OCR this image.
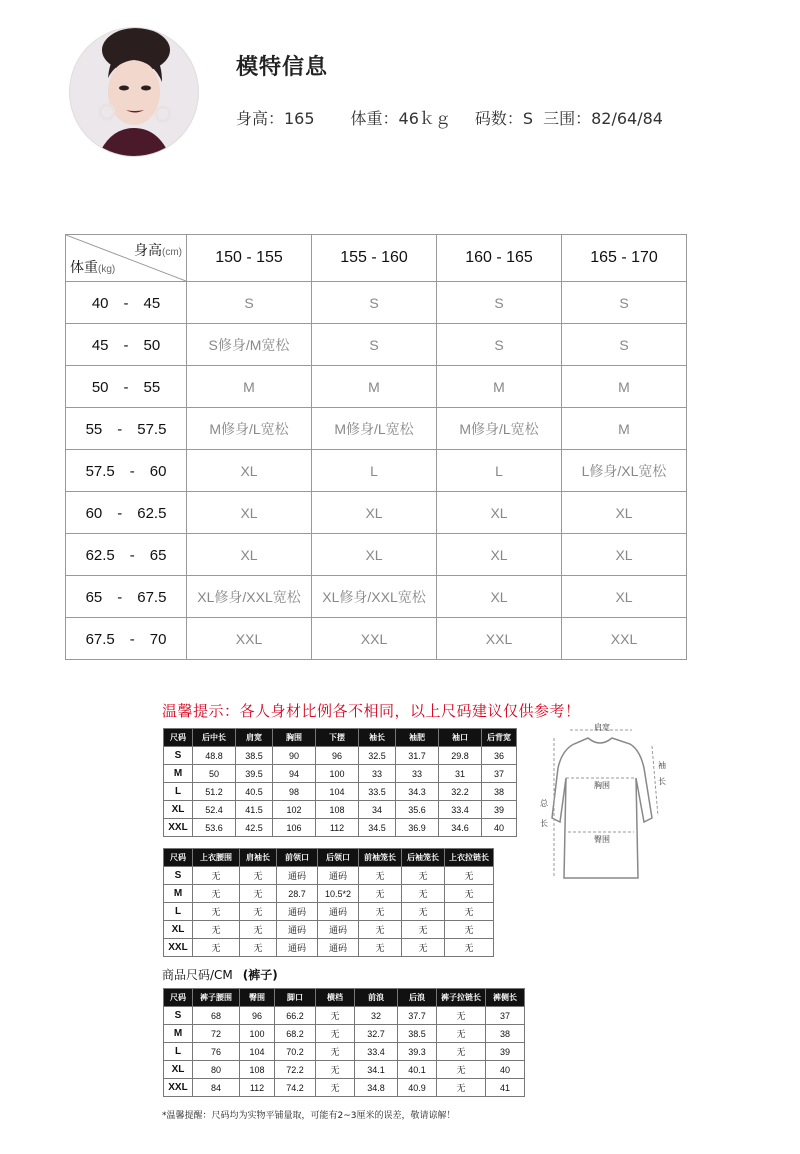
模特信息
身高：165 体重：46ｋｇ 码数：S 三围：82/64/84
身高(cm)
体重(kg)	150 - 155	155 - 160	160 - 165	165 - 170
40　-　45	S	S	S	S
45　-　50	S修身/M宽松	S	S	S
50　-　55	M	M	M	M
55　-　57.5	M修身/L宽松	M修身/L宽松	M修身/L宽松	M
57.5　-　60	XL	L	L	L修身/XL宽松
60　-　62.5	XL	XL	XL	XL
62.5　-　65	XL	XL	XL	XL
65　-　67.5	XL修身/XXL宽松	XL修身/XXL宽松	XL	XL
67.5　-　70	XXL	XXL	XXL	XXL
温馨提示：各人身材比例各不相同，以上尺码建议仅供参考！
尺码	后中长	肩宽	胸围	下摆	袖长	袖肥	袖口	后背宽
S	48.8	38.5	90	96	32.5	31.7	29.8	36
M	50	39.5	94	100	33	33	31	37
L	51.2	40.5	98	104	33.5	34.3	32.2	38
XL	52.4	41.5	102	108	34	35.6	33.4	39
XXL	53.6	42.5	106	112	34.5	36.9	34.6	40
尺码	上衣腰围	肩袖长	前领口	后领口	前袖笼长	后袖笼长	上衣拉链长
S	无	无	通码	通码	无	无	无
M	无	无	28.7	10.5*2	无	无	无
L	无	无	通码	通码	无	无	无
XL	无	无	通码	通码	无	无	无
XXL	无	无	通码	通码	无	无	无
商品尺码/CM (裤子)
尺码	裤子腰围	臀围	脚口	横档	前浪	后浪	裤子拉链长	裤侧长
S	68	96	66.2	无	32	37.7	无	37
M	72	100	68.2	无	32.7	38.5	无	38
L	76	104	70.2	无	33.4	39.3	无	39
XL	80	108	72.2	无	34.1	40.1	无	40
XXL	84	112	74.2	无	34.8	40.9	无	41
*温馨提醒：尺码均为实物平铺量取，可能有2~3厘米的误差，敬请谅解！
肩宽
袖长
胸围
总长
臀围
